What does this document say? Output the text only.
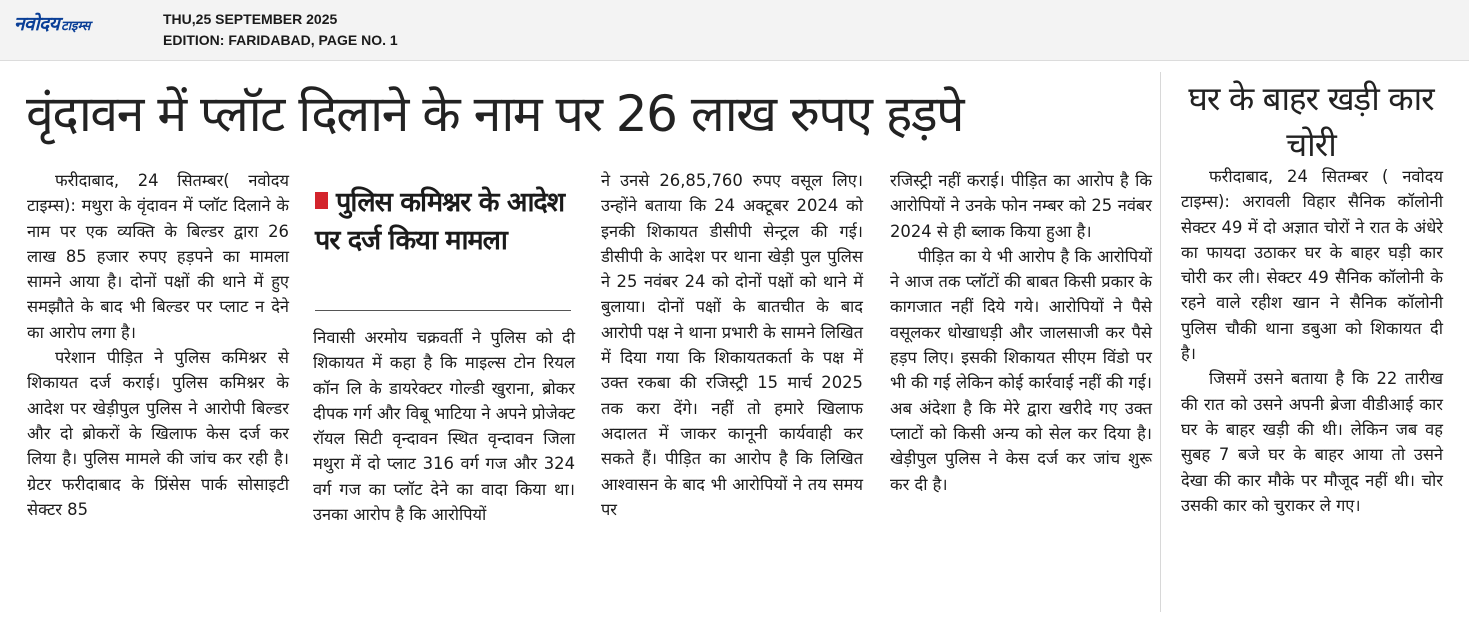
नवोदय टाइम्स	THU,25 SEPTEMBER 2025
EDITION: FARIDABAD, PAGE NO. 1
वृंदावन में प्लॉट दिलाने के नाम पर 26 लाख रुपए हड़पे

फरीदाबाद, 24 सितम्बर( नवोदय टाइम्स): मथुरा के वृंदावन में प्लॉट दिलाने के नाम पर एक व्यक्ति के बिल्डर द्वारा 26 लाख 85 हजार रुपए हड़पने का मामला सामने आया है। दोनों पक्षों की थाने में हुए समझौते के बाद भी बिल्डर पर प्लाट न देने का आरोप लगा है।

परेशान पीड़ित ने पुलिस कमिश्नर से शिकायत दर्ज कराई। पुलिस कमिश्नर के आदेश पर खेड़ीपुल पुलिस ने आरोपी बिल्डर और दो ब्रोकरों के खिलाफ केस दर्ज कर लिया है। पुलिस मामले की जांच कर रही है। ग्रेटर फरीदाबाद के प्रिंसेस पार्क सोसाइटी सेक्टर 85

पुलिस कमिश्नर के आदेश पर दर्ज किया मामला

निवासी अरमोय चक्रवर्ती ने पुलिस को दी शिकायत में कहा है कि माइल्स टोन रियल कॉन लि के डायरेक्टर गोल्डी खुराना, ब्रोकर दीपक गर्ग और विबू भाटिया ने अपने प्रोजेक्ट रॉयल सिटी वृन्दावन स्थित वृन्दावन जिला मथुरा में दो प्लाट 316 वर्ग गज और 324 वर्ग गज का प्लॉट देने का वादा किया था। उनका आरोप है कि आरोपियों

ने उनसे 26,85,760 रुपए वसूल लिए। उन्होंने बताया कि 24 अक्टूबर 2024 को इनकी शिकायत डीसीपी सेन्ट्रल की गई। डीसीपी के आदेश पर थाना खेड़ी पुल पुलिस ने 25 नवंबर 24 को दोनों पक्षों को थाने में बुलाया। दोनों पक्षों के बातचीत के बाद आरोपी पक्ष ने थाना प्रभारी के सामने लिखित में दिया गया कि शिकायतकर्ता के पक्ष में उक्त रकबा की रजिस्ट्री 15 मार्च 2025 तक करा देंगे। नहीं तो हमारे खिलाफ अदालत में जाकर कानूनी कार्यवाही कर सकते हैं। पीड़ित का आरोप है कि लिखित आश्वासन के बाद भी आरोपियों ने तय समय पर

रजिस्ट्री नहीं कराई। पीड़ित का आरोप है कि आरोपियों ने उनके फोन नम्बर को 25 नवंबर 2024 से ही ब्लाक किया हुआ है।

पीड़ित का ये भी आरोप है कि आरोपियों ने आज तक प्लॉटों की बाबत किसी प्रकार के कागजात नहीं दिये गये। आरोपियों ने पैसे वसूलकर धोखाधड़ी और जालसाजी कर पैसे हड़प लिए। इसकी शिकायत सीएम विंडो पर भी की गई लेकिन कोई कार्रवाई नहीं की गई। अब अंदेशा है कि मेरे द्वारा खरीदे गए उक्त प्लाटों को किसी अन्य को सेल कर दिया है। खेड़ीपुल पुलिस ने केस दर्ज कर जांच शुरू कर दी है।

घर के बाहर खड़ी कार चोरी

फरीदाबाद, 24 सितम्बर ( नवोदय टाइम्स): अरावली विहार सैनिक कॉलोनी सेक्टर 49 में दो अज्ञात चोरों ने रात के अंधेरे का फायदा उठाकर घर के बाहर घड़ी कार चोरी कर ली। सेक्टर 49 सैनिक कॉलोनी के रहने वाले रहीश खान ने सैनिक कॉलोनी पुलिस चौकी थाना डबुआ को शिकायत दी है।

जिसमें उसने बताया है कि 22 तारीख की रात को उसने अपनी ब्रेजा वीडीआई कार घर के बाहर खड़ी की थी। लेकिन जब वह सुबह 7 बजे घर के बाहर आया तो उसने देखा की कार मौके पर मौजूद नहीं थी। चोर उसकी कार को चुराकर ले गए।
